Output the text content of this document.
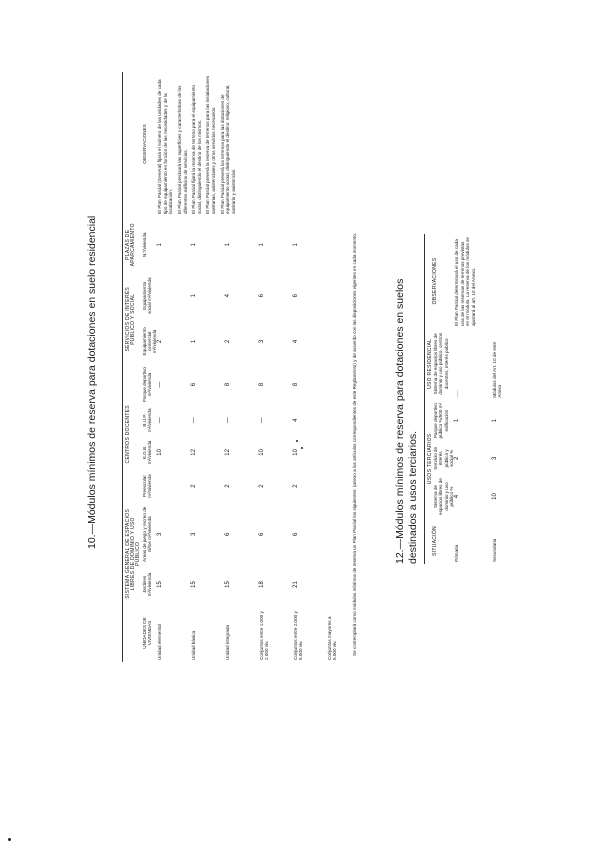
10.—Módulos mínimos de reserva para dotaciones en suelo residencial
	SISTEMA GENERAL DE ESPACIOS LIBRES DE DOMINIO Y USO PÚBLICO		CENTROS DOCENTES				SERVICIOS DE INTERÉS PÚBLICO Y SOCIAL		PLAZAS DE APARCAMIENTO	
UNIDADES DE VIVIENDAS	Jardines m²/vivienda	Áreas de juego y recreo de niños m²/vivienda	Preescolar m²/vivienda	E.G.B. m²/vivienda	B.U.P. m²/vivienda	Parque deportivo m²/vivienda	Equipamiento comercial m²/vivienda	Equipamiento social m²/vivienda	N.º/vivienda	OBSERVACIONES
Unidad elemental	15	3		10	—	—	2		1	El Plan Parcial (General) fijará el número de las unidades de cada tipo de equipamiento en función de las necesidades y de la localización. El Plan Parcial precisará las superficies y características de los diferentes edificios de servicios. El Plan Parcial fijará la reserva de terreno para el equipamiento social, distinguiendo el destino de los mismos. El Plan Parcial preverá la reserva de terrenos para las instalaciones sanitarias, asistenciales y otros servicios necesarios. El Plan Parcial preverá los terrenos para las dotaciones de equipamiento social, distinguiendo el destino: religioso, cultural, sanitario y asistencial.

Unidad básica	15	3	2	12	—	6	1	1	1	
Unidad integrada	15	6	2	12	—	8	2	4	1	
Conjuntos entre 1.000 y 2.000 viv.	18	6	2	10	—	8	3	6	1	
Conjuntos entre 2.000 y 5.000 viv.	21	6	2	10	4	8	4	6	1	
Conjuntos mayores a 5.000 viv.											Se contemplará como módulos mínimos de reserva un Plan Parcial los siguientes: (anexo a los artículos correspondientes de este Reglamento) y de acuerdo con las disposiciones vigentes en cada momento.	12.—Módulos mínimos de reserva para dotaciones en suelos destinados a usos terciarios.
	USOS TERCIARIOS			USO RESIDENCIAL	
SITUACIÓN	Sistema de espacios libres de dominio y uso público %	Servicio de interés público y social %	Parque deportivo público %/500 m² edificación	Sistema de espacios libres de dominio y uso público, centros docentes, interés público	OBSERVACIONES
Primaria	4	2	1	......	El Plan Parcial determinará el uso de cada una de las reservas de terrenos previstas en el módulo. La reserva de los módulos se ajustará al art. 10 del Anexo.
Secundaria	10	3	1	Módulos del Art. 10 de este Anexo	
